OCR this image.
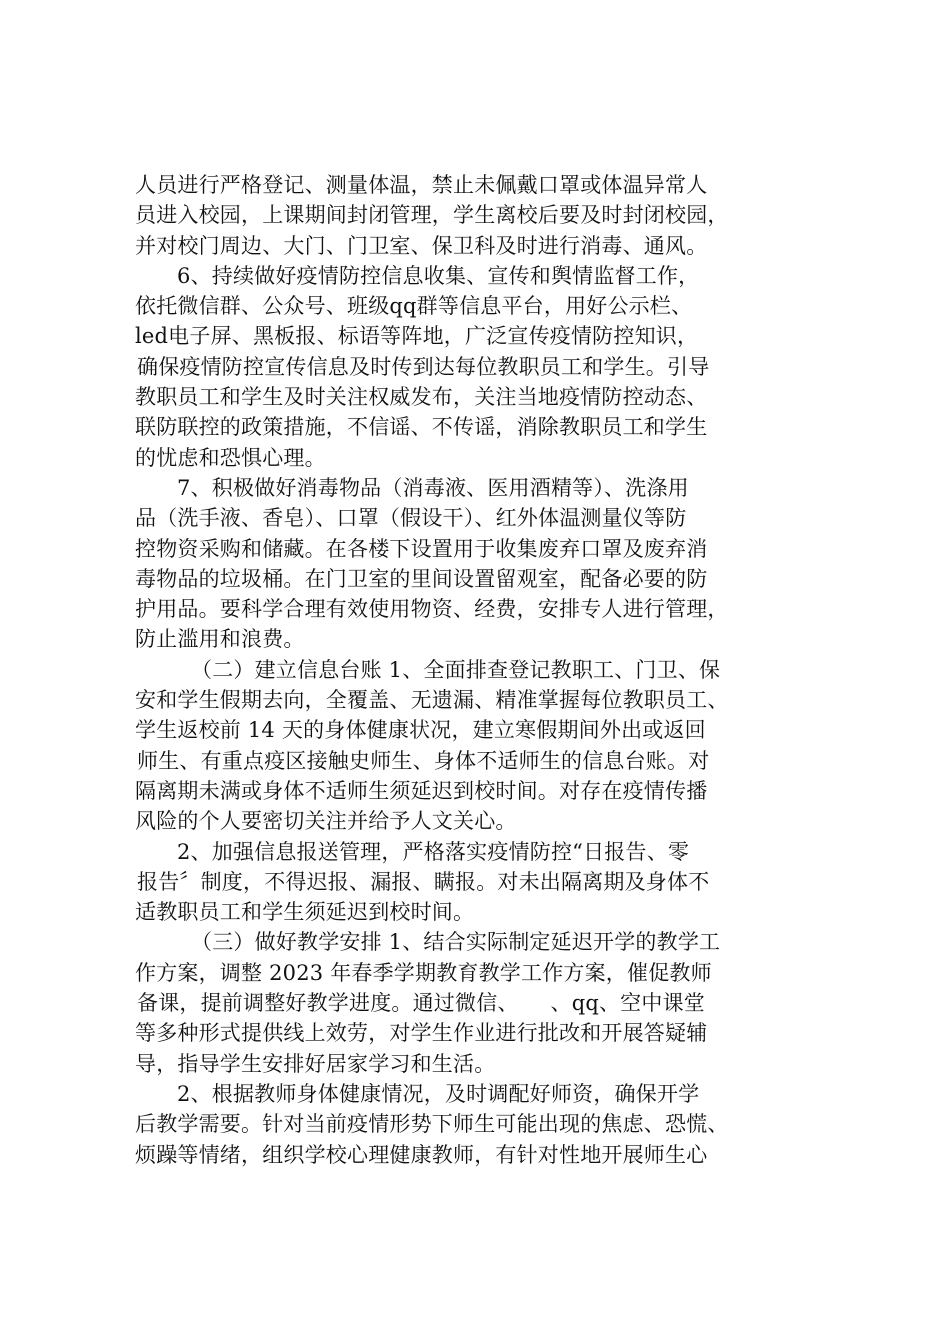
人员进行严格登记、测量体温，禁止未佩戴口罩或体温异常人
员进入校园，上课期间封闭管理，学生离校后要及时封闭校园，
并对校门周边、大门、门卫室、保卫科及时进行消毒、通风。
6、持续做好疫情防控信息收集、宣传和舆情监督工作，
依托微信群、公众号、班级qq群等信息平台，用好公示栏、
led电子屏、黑板报、标语等阵地，广泛宣传疫情防控知识，
确保疫情防控宣传信息及时传到达每位教职员工和学生。引导
教职员工和学生及时关注权威发布，关注当地疫情防控动态、
联防联控的政策措施，不信谣、不传谣，消除教职员工和学生
的忧虑和恐惧心理。
7、积极做好消毒物品（消毒液、医用酒精等）、洗涤用
品（洗手液、香皂）、口罩（假设干）、红外体温测量仪等防
控物资采购和储藏。在各楼下设置用于收集废弃口罩及废弃消
毒物品的垃圾桶。在门卫室的里间设置留观室，配备必要的防
护用品。要科学合理有效使用物资、经费，安排专人进行管理，
防止滥用和浪费。
（二）建立信息台账 1、全面排查登记教职工、门卫、保
安和学生假期去向，全覆盖、无遗漏、精准掌握每位教职员工、
学生返校前 14 天的身体健康状况，建立寒假期间外出或返回
师生、有重点疫区接触史师生、身体不适师生的信息台账。对
隔离期未满或身体不适师生须延迟到校时间。对存在疫情传播
风险的个人要密切关注并给予人文关心。
2、加强信息报送管理，严格落实疫情防控“日报告、零
报告〞制度，不得迟报、漏报、瞒报。对未出隔离期及身体不
适教职员工和学生须延迟到校时间。
（三）做好教学安排 1、结合实际制定延迟开学的教学工
作方案，调整 2023 年春季学期教育教学工作方案，催促教师
备课，提前调整好教学进度。通过微信、　　、qq、空中课堂
等多种形式提供线上效劳，对学生作业进行批改和开展答疑辅
导，指导学生安排好居家学习和生活。
2、根据教师身体健康情况，及时调配好师资，确保开学
后教学需要。针对当前疫情形势下师生可能出现的焦虑、恐慌、
烦躁等情绪，组织学校心理健康教师，有针对性地开展师生心
